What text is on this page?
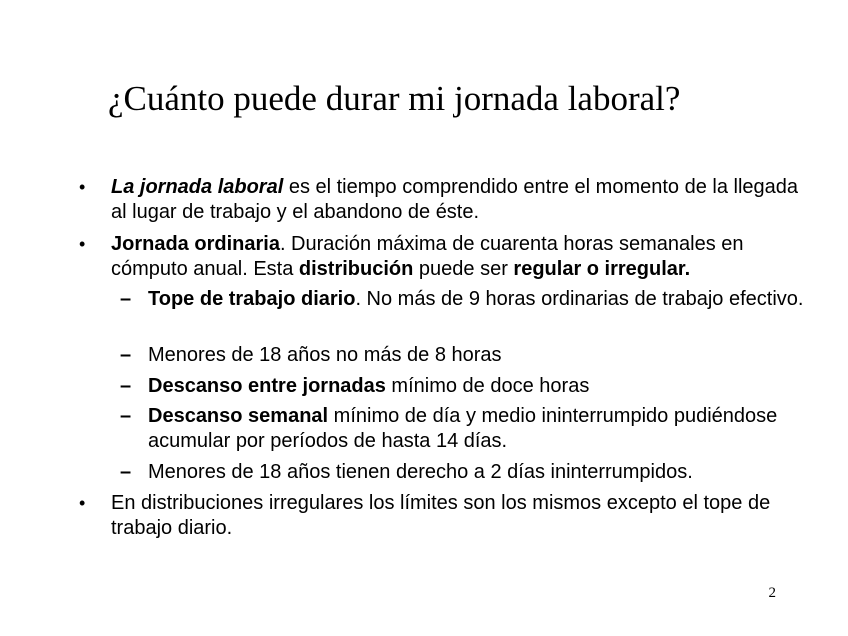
¿Cuánto puede durar mi jornada laboral?
• La jornada laboral es el tiempo comprendido entre el momento de la llegada al lugar de trabajo y el abandono de éste.
• Jornada ordinaria. Duración máxima de cuarenta horas semanales en cómputo anual. Esta distribución puede ser regular o irregular.
– Tope de trabajo diario. No más de 9 horas ordinarias de trabajo efectivo.
– Menores de 18 años no más de 8 horas
– Descanso entre jornadas mínimo de doce horas
– Descanso semanal mínimo de día y medio ininterrumpido pudiéndose acumular por períodos de hasta 14 días.
– Menores de 18 años tienen derecho a 2 días ininterrumpidos.
• En distribuciones irregulares los límites son los mismos excepto el tope de trabajo diario.
2
